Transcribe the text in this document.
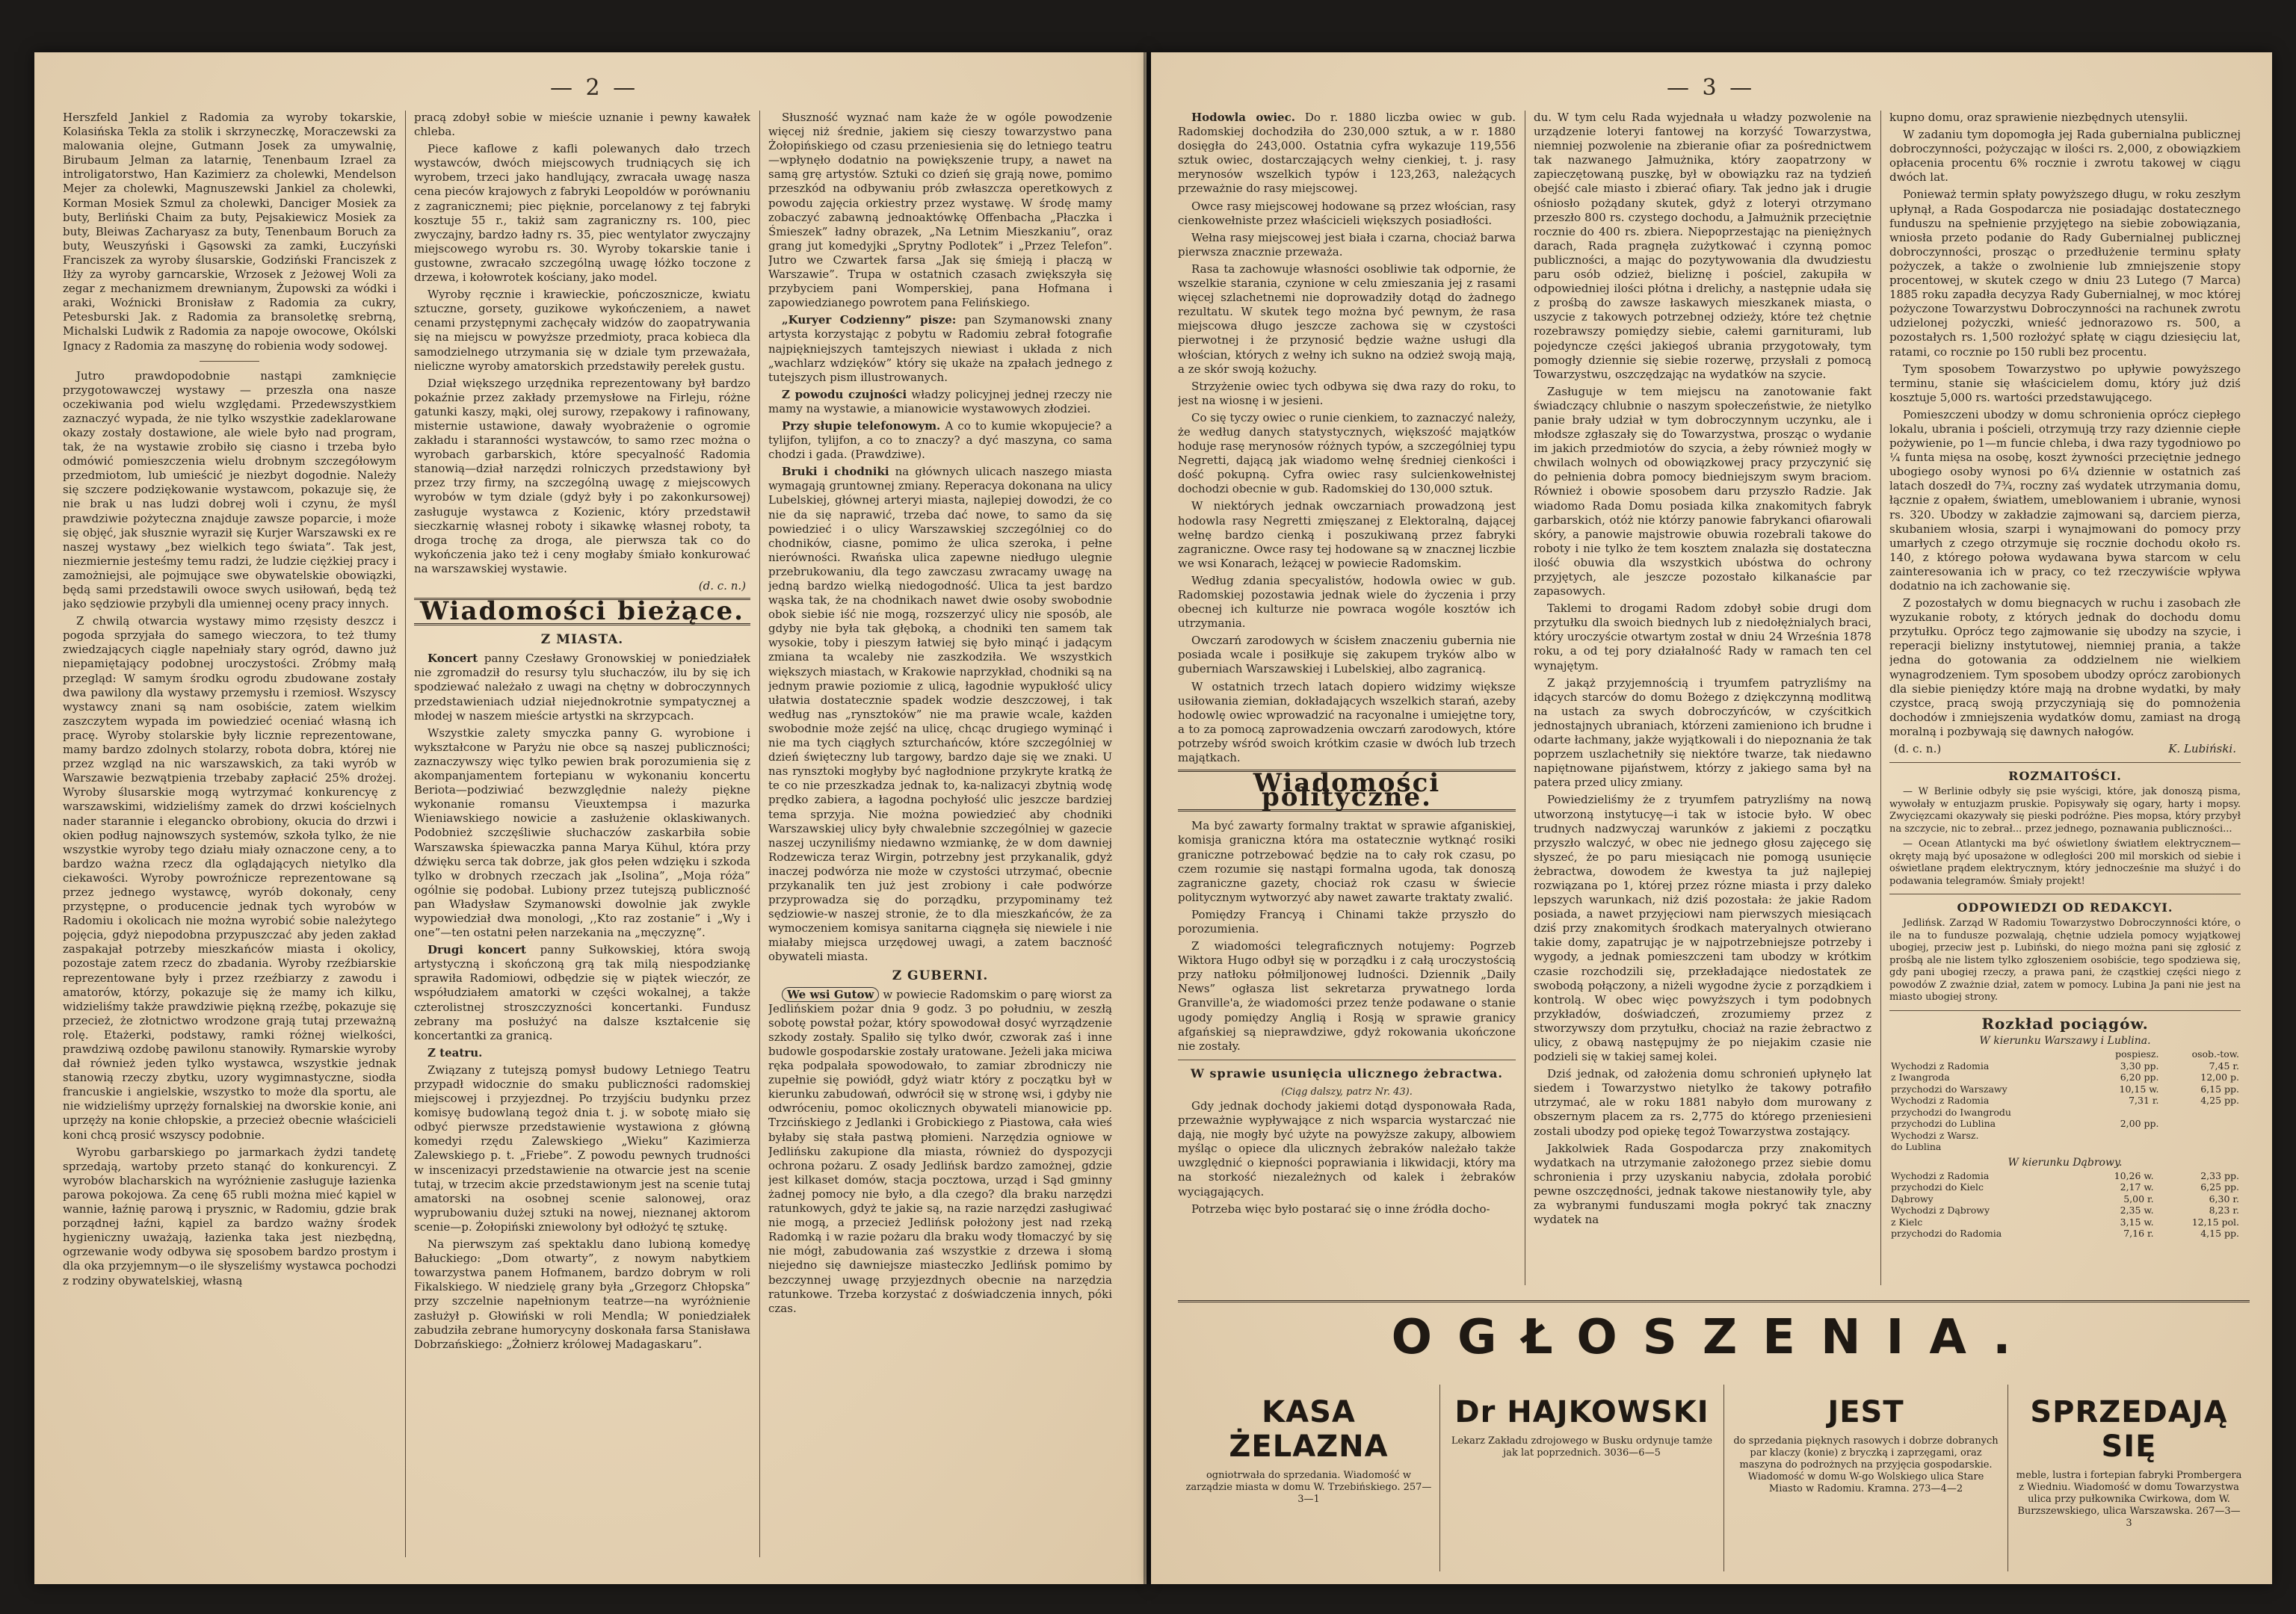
— 2 —

Herszfeld Jankiel z Radomia za wyroby tokarskie, Kolasińska Tekla za stolik i skrzyneczkę, Moraczewski za malowania olejne, Gutmann Josek za umywalnię, Birubaum Jelman za latarnię, Tenenbaum Izrael za introligatorstwo, Han Kazimierz za cholewki, Mendelson Mejer za cholewki, Magnuszewski Jankiel za cholewki, Korman Mosiek Szmul za cholewki, Danciger Mosiek za buty, Berliński Chaim za buty, Pejsakiewicz Mosiek za buty, Bleiwas Zacharyasz za buty, Tenenbaum Boruch za buty, Weuszyński i Gąsowski za zamki, Łuczyński Franciszek za wyroby ślusarskie, Godziński Franciszek z Iłży za wyroby garncarskie, Wrzosek z Jeżowej Woli za zegar z mechanizmem drewnianym, Żupowski za wódki i araki, Woźnicki Bronisław z Radomia za cukry, Petesburski Jak. z Radomia za bransoletkę srebrną, Michalski Ludwik z Radomia za napoje owocowe, Okólski Ignacy z Radomia za maszynę do robienia wody sodowej.

Jutro prawdopodobnie nastąpi zamknięcie przygotowawczej wystawy — przeszła ona nasze oczekiwania pod wielu względami. Przedewszystkiem zaznaczyć wypada, że nie tylko wszystkie zadeklarowane okazy zostały dostawione, ale wiele było nad program, tak, że na wystawie zrobiło się ciasno i trzeba było odmówić pomieszczenia wielu drobnym szczegółowym przedmiotom, lub umieścić je niezbyt dogodnie. Należy się szczere podziękowanie wystawcom, pokazuje się, że nie brak u nas ludzi dobrej woli i czynu, że myśl prawdziwie pożyteczna znajduje zawsze poparcie, i może się objęć, jak słusznie wyraził się Kurjer Warszawski ex re naszej wystawy „bez wielkich tego świata”. Tak jest, niezmiernie jesteśmy temu radzi, że ludzie ciężkiej pracy i zamożniejsi, ale pojmujące swe obywatelskie obowiązki, będą sami przedstawili owoce swych usiłowań, będą też jako sędziowie przybyli dla umiennej oceny pracy innych.

Z chwilą otwarcia wystawy mimo rzęsisty deszcz i pogoda sprzyjała do samego wieczora, to też tłumy zwiedzających ciągle napełniały stary ogród, dawno już niepamiętający podobnej uroczystości. Zróbmy małą przegląd: W samym środku ogrodu zbudowane zostały dwa pawilony dla wystawy przemysłu i rzemiosł. Wszyscy wystawcy znani są nam osobiście, zatem wielkim zaszczytem wypada im powiedzieć oceniać własną ich pracę. Wyroby stolarskie były licznie reprezentowane, mamy bardzo zdolnych stolarzy, robota dobra, której nie przez wzgląd na nic warszawskich, za taki wyrób w Warszawie bezwątpienia trzebaby zapłacić 25% drożej. Wyroby ślusarskie mogą wytrzymać konkurencyę z warszawskimi, widzieliśmy zamek do drzwi kościelnych nader starannie i elegancko obrobiony, okucia do drzwi i okien podług najnowszych systemów, szkoła tylko, że nie wszystkie wyroby tego działu miały oznaczone ceny, a to bardzo ważna rzecz dla oglądających nietylko dla ciekawości. Wyroby powroźnicze reprezentowane są przez jednego wystawcę, wyrób dokonały, ceny przystępne, o producencie jednak tych wyrobów w Radomiu i okolicach nie można wyrobić sobie należytego pojęcia, gdyż niepodobna przypuszczać aby jeden zakład zaspakajał potrzeby mieszkańców miasta i okolicy, pozostaje zatem rzecz do zbadania. Wyroby rzeźbiarskie reprezentowane były i przez rzeźbiarzy z zawodu i amatorów, którzy, pokazuje się że mamy ich kilku, widzieliśmy także prawdziwie piękną rzeźbę, pokazuje się przecież, że złotnictwo wrodzone grają tutaj przeważną rolę. Etażerki, podstawy, ramki różnej wielkości, prawdziwą ozdobę pawilonu stanowiły. Rymarskie wyroby dał również jeden tylko wystawca, wszystkie jednak stanowią rzeczy zbytku, uzory wygimnastyczne, siodła francuskie i angielskie, wszystko to może dla sportu, ale nie widzieliśmy uprzęży fornalskiej na dworskie konie, ani uprzęży na konie chłopskie, a przecież obecnie właścicieli koni chcą prosić wszyscy podobnie.

Wyrobu garbarskiego po jarmarkach żydzi tandetę sprzedają, wartoby przeto stanąć do konkurencyi. Z wyrobów blacharskich na wyróżnienie zasługuje łazienka parowa pokojowa. Za cenę 65 rubli można mieć kąpiel w wannie, łaźnię parową i prysznic, w Radomiu, gdzie brak porządnej łaźni, kąpiel za bardzo ważny środek hygieniczny uważają, łazienka taka jest niezbędną, ogrzewanie wody odbywa się sposobem bardzo prostym i dla oka przyjemnym—o ile słyszeliśmy wystawca pochodzi z rodziny obywatelskiej, własną

pracą zdobył sobie w mieście uznanie i pewny kawałek chleba.

Piece kaflowe z kafli polewanych dało trzech wystawców, dwóch miejscowych trudniących się ich wyrobem, trzeci jako handlujący, zwracała uwagę nasza cena pieców krajowych z fabryki Leopoldów w porównaniu z zagranicznemi; piec pięknie, porcelanowy z tej fabryki kosztuje 55 r., takiż sam zagraniczny rs. 100, piec zwyczajny, bardzo ładny rs. 35, piec wentylator zwyczajny miejscowego wyrobu rs. 30. Wyroby tokarskie tanie i gustowne, zwracało szczególną uwagę łóżko toczone z drzewa, i kołowrotek kościany, jako model.

Wyroby ręcznie i krawieckie, pończosznicze, kwiatu sztuczne, gorsety, guzikowe wykończeniem, a nawet cenami przystępnymi zachęcały widzów do zaopatrywania się na miejscu w powyższe przedmioty, praca kobieca dla samodzielnego utrzymania się w dziale tym przeważała, nieliczne wyroby amatorskich przedstawiły perełek gustu.

Dział większego urzędnika reprezentowany był bardzo pokaźnie przez zakłady przemysłowe na Firleju, różne gatunki kaszy, mąki, olej surowy, rzepakowy i rafinowany, misternie ustawione, dawały wyobrażenie o ogromie zakładu i staranności wystawców, to samo rzec można o wyrobach garbarskich, które specyalność Radomia stanowią—dział narzędzi rolniczych przedstawiony był przez trzy firmy, na szczególną uwagę z miejscowych wyrobów w tym dziale (gdyż były i po zakonkursowej) zasługuje wystawca z Kozienic, który przedstawił sieczkarnię własnej roboty i sikawkę własnej roboty, ta droga trochę za droga, ale pierwsza tak co do wykończenia jako też i ceny mogłaby śmiało konkurować na warszawskiej wystawie.

(d. c. n.)
Wiadomości bieżące.
Z MIASTA.

Koncert panny Czesławy Gronowskiej w poniedziałek nie zgromadził do resursy tylu słuchaczów, ilu by się ich spodziewać należało z uwagi na chętny w dobroczynnych przedstawieniach udział niejednokrotnie sympatycznej a młodej w naszem mieście artystki na skrzypcach.

Wszystkie zalety smyczka panny G. wyrobione i wykształcone w Paryżu nie obce są naszej publiczności; zaznaczywszy więc tylko pewien brak porozumienia się z akompanjamentem fortepianu w wykonaniu koncertu Beriota—podziwiać bezwzględnie należy piękne wykonanie romansu Vieuxtempsa i mazurka Wieniawskiego nowicie a zasłużenie oklaskiwanych. Podobnież szczęśliwie słuchaczów zaskarbiła sobie Warszawska śpiewaczka panna Marya Kühul, która przy dźwięku serca tak dobrze, jak głos pełen wdzięku i szkoda tylko w drobnych rzeczach jak „Isolina”, „Moja róża” ogólnie się podobał. Lubiony przez tutejszą publiczność pan Władysław Szymanowski dowolnie jak zwykle wypowiedział dwa monologi, ,,Kto raz zostanie” i „Wy i one”—ten ostatni pełen narzekania na „męczyznę”.

Drugi koncert panny Sułkowskiej, która swoją artystyczną i skończoną grą tak milą niespodziankę sprawiła Radomiowi, odbędzie się w piątek wieczór, ze współudziałem amatorki w części wokalnej, a także czterolistnej stroszczyzności koncertanki. Fundusz zebrany ma posłużyć na dalsze kształcenie się koncertantki za granicą.

Z teatru.

Związany z tutejszą pomysł budowy Letniego Teatru przypadł widocznie do smaku publiczności radomskiej miejscowej i przyjezdnej. Po trzyjściu budynku przez komisyę budowlaną tegoż dnia t. j. w sobotę miało się odbyć pierwsze przedstawienie wystawiona z główną komedyi rzędu Zalewskiego „Wieku” Kazimierza Zalewskiego p. t. „Friebe”. Z powodu pewnych trudności w inscenizacyi przedstawienie na otwarcie jest na scenie tutaj, w trzecim akcie przedstawionym jest na scenie tutaj amatorski na osobnej scenie salonowej, oraz wyprubowaniu dużej sztuki na nowej, nieznanej aktorom scenie—p. Żołopiński zniewolony był odłożyć tę sztukę.

Na pierwszym zaś spektaklu dano lubioną komedyę Bałuckiego: „Dom otwarty”, z nowym nabytkiem towarzystwa panem Hofmanem, bardzo dobrym w roli Fikalskiego. W niedzielę grany była „Grzegorz Chłopska” przy szczelnie napełnionym teatrze—na wyróżnienie zasłużył p. Głowiński w roli Mendla; W poniedziałek zabudziła zebrane humorycyny doskonała farsa Stanisława Dobrzańskiego: „Żołnierz królowej Madagaskaru”.

Słuszność wyznać nam każe że w ogóle powodzenie więcej niż średnie, jakiem się cieszy towarzystwo pana Żołopińskiego od czasu przeniesienia się do letniego teatru—wpłynęło dodatnio na powiększenie trupy, a nawet na samą grę artystów. Sztuki co dzień się grają nowe, pomimo przeszkód na odbywaniu prób zwłaszcza operetkowych z powodu zajęcia orkiestry przez wystawę. W środę mamy zobaczyć zabawną jednoaktówkę Offenbacha „Płaczka i Śmieszek” ładny obrazek, „Na Letnim Mieszkaniu”, oraz grang jut komedyjki „Sprytny Podlotek” i „Przez Telefon”. Jutro we Czwartek farsa „Jak się śmieją i płaczą w Warszawie”. Trupa w ostatnich czasach zwiększyła się przybyciem pani Womperskiej, pana Hofmana i zapowiedzianego powrotem pana Felińskiego.

„Kuryer Codzienny” pisze: pan Szymanowski znany artysta korzystając z pobytu w Radomiu zebrał fotografie najpiękniejszych tamtejszych niewiast i układa z nich „wachlarz wdzięków” który się ukaże na zpałach jednego z tutejszych pism illustrowanych.

Z powodu czujności władzy policyjnej jednej rzeczy nie mamy na wystawie, a mianowicie wystawowych złodziei.

Przy słupie telefonowym. A co to kumie wkopujecie? a tylijfon, tylijfon, a co to znaczy? a dyć maszyna, co sama chodzi i gada. (Prawdziwe).

Bruki i chodniki na głównych ulicach naszego miasta wymagają gruntownej zmiany. Reperacya dokonana na ulicy Lubelskiej, głównej arteryi miasta, najlepiej dowodzi, że co nie da się naprawić, trzeba dać nowe, to samo da się powiedzieć i o ulicy Warszawskiej szczególniej co do chodników, ciasne, pomimo że ulica szeroka, i pełne nierówności. Rwańska ulica zapewne niedługo ulegnie przebrukowaniu, dla tego zawczasu zwracamy uwagę na jedną bardzo wielką niedogodność. Ulica ta jest bardzo wąska tak, że na chodnikach nawet dwie osoby swobodnie obok siebie iść nie mogą, rozszerzyć ulicy nie sposób, ale gdyby nie była tak głęboką, a chodniki ten samem tak wysokie, toby i pieszym łatwiej się było minąć i jadącym zmiana ta wcaleby nie zaszkodziła. We wszystkich większych miastach, w Krakowie naprzykład, chodniki są na jednym prawie poziomie z ulicą, łagodnie wypukłość ulicy ułatwia dostatecznie spadek wodzie deszczowej, i tak według nas „rynsztoków” nie ma prawie wcale, każden swobodnie może zejść na ulicę, chcąc drugiego wyminąć i nie ma tych ciągłych szturchańców, które szczególniej w dzień święteczny lub targowy, bardzo daje się we znaki. U nas rynsztoki mogłyby być nagłodnione przykryte kratką że te co nie przeszkadza jednak to, ka-nalizacyi zbytnią wodę prędko zabiera, a łagodna pochyłość ulic jeszcze bardziej tema sprzyja. Nie można powiedzieć aby chodniki Warszawskiej ulicy były chwalebnie szczególniej w gazecie naszej uczyniliśmy niedawno wzmiankę, że w dom dawniej Rodzewicza teraz Wirgin, potrzebny jest przykanalik, gdyż inaczej podwórza nie może w czystości utrzymać, obecnie przykanalik ten już jest zrobiony i całe podwórze przyprowadza się do porządku, przypominamy też sędziowie-w naszej stronie, że to dla mieszkańców, że za wymoczeniem komisya sanitarna ciągnęła się niewiele i nie miałaby miejsca urzędowej uwagi, a zatem baczność obywateli miasta.

Z GUBERNI.

We wsi Gutow w powiecie Radomskim o parę wiorst za Jedlińskiem pożar dnia 9 godz. 3 po południu, w zeszłą sobotę powstał pożar, który spowodował dosyć wyrządzenie szkody zostały. Spaliło się tylko dwór, czworak zaś i inne budowle gospodarskie zostały uratowane. Jeżeli jaka miciwa ręka podpalała spowodowało, to zamiar zbrodniczy nie zupełnie się powiódł, gdyż wiatr który z początku był w kierunku zabudowań, odwrócił się w stronę wsi, i gdyby nie odwróceniu, pomoc okolicznych obywateli mianowicie pp. Trzcińskiego z Jedlanki i Grobickiego z Piastowa, cała wieś byłaby się stała pastwą płomieni. Narzędzia ogniowe w Jedlińsku zakupione dla miasta, również do dyspozycji ochrona pożaru. Z osady Jedlińsk bardzo zamożnej, gdzie jest kilkaset domów, stacja pocztowa, urząd i Sąd gminny żadnej pomocy nie było, a dla czego? dla braku narzędzi ratunkowych, gdyż te jakie są, na razie narzędzi zasługiwać nie mogą, a przecież Jedlińsk położony jest nad rzeką Radomką i w razie pożaru dla braku wody tłomaczyć by się nie mógł, zabudowania zaś wszystkie z drzewa i słomą niejedno się dawniejsze miasteczko Jedlińsk pomimo by bezczynnej uwagę przyjezdnych obecnie na narzędzia ratunkowe. Trzeba korzystać z doświadczenia innych, póki czas.

— 3 —

Hodowla owiec. Do r. 1880 liczba owiec w gub. Radomskiej dochodziła do 230,000 sztuk, a w r. 1880 dosięgła do 243,000. Ostatnia cyfra wykazuje 119,556 sztuk owiec, dostarczających wełny cienkiej, t. j. rasy merynosów wszelkich typów i 123,263, należących przeważnie do rasy miejscowej.

Owce rasy miejscowej hodowane są przez włościan, rasy cienkowełniste przez właścicieli większych posiadłości.

Wełna rasy miejscowej jest biała i czarna, chociaż barwa pierwsza znacznie przeważa.

Rasa ta zachowuje własności osobliwie tak odpornie, że wszelkie starania, czynione w celu zmieszania jej z rasami więcej szlachetnemi nie doprowadziły dotąd do żadnego rezultatu. W skutek tego można być pewnym, że rasa miejscowa długo jeszcze zachowa się w czystości pierwotnej i że przynosić będzie ważne usługi dla włościan, których z wełny ich sukno na odzież swoją mają, a ze skór swoją kożuchy.

Strzyżenie owiec tych odbywa się dwa razy do roku, to jest na wiosnę i w jesieni.

Co się tyczy owiec o runie cienkiem, to zaznaczyć należy, że według danych statystycznych, większość majątków hoduje rasę merynosów różnych typów, a szczególniej typu Negretti, dającą jak wiadomo wełnę średniej cienkości i dość pokupną. Cyfra owiec rasy sulcienkowełnistej dochodzi obecnie w gub. Radomskiej do 130,000 sztuk.

W niektórych jednak owczarniach prowadzoną jest hodowla rasy Negretti zmięszanej z Elektoralną, dającej wełnę bardzo cienką i poszukiwaną przez fabryki zagraniczne. Owce rasy tej hodowane są w znacznej liczbie we wsi Konarach, leżącej w powiecie Radomskim.

Według zdania specyalistów, hodowla owiec w gub. Radomskiej pozostawia jednak wiele do życzenia i przy obecnej ich kulturze nie powraca wogóle kosztów ich utrzymania.

Owczarń zarodowych w ścisłem znaczeniu gubernia nie posiada wcale i posiłkuje się zakupem tryków albo w guberniach Warszawskiej i Lubelskiej, albo zagranicą.

W ostatnich trzech latach dopiero widzimy większe usiłowania ziemian, dokładających wszelkich starań, azeby hodowlę owiec wprowadzić na racyonalne i umiejętne tory, a to za pomocą zaprowadzenia owczarń zarodowych, które potrzeby wśród swoich krótkim czasie w dwóch lub trzech majątkach.

Wiadomości polityczne.

Ma być zawarty formalny traktat w sprawie afganiskiej, komisja graniczna która ma ostatecznie wytknąć rosiki graniczne potrzebować będzie na to cały rok czasu, po czem rozumie się nastąpi formalna ugoda, tak donoszą zagraniczne gazety, chociaż rok czasu w świecie politycznym wytworzyć aby nawet zawarte traktaty zwalić.

Pomiędzy Francyą i Chinami także przyszło do porozumienia.

Z wiadomości telegraficznych notujemy: Pogrzeb Wiktora Hugo odbył się w porządku i z całą uroczystością przy natłoku półmiljonowej ludności. Dziennik „Daily News” ogłasza list sekretarza prywatnego lorda Granville'a, że wiadomości przez tenże podawane o stanie ugody pomiędzy Anglią i Rosją w sprawie granicy afgańskiej są nieprawdziwe, gdyż rokowania ukończone nie zostały.

W sprawie usunięcia ulicznego żebractwa.
(Ciąg dalszy, patrz Nr. 43).

Gdy jednak dochody jakiemi dotąd dysponowała Rada, przeważnie wypływające z nich wsparcia wystarczać nie dają, nie mogły być użyte na powyższe zakupy, albowiem myśląc o opiece dla ulicznych żebraków należało także uwzględnić o kiepności poprawiania i likwidacji, który ma na storkość niezależnych od kalek i żebraków wyciągających.

Potrzeba więc było postarać się o inne źródła docho-

du. W tym celu Rada wyjednała u władzy pozwolenie na urządzenie loteryi fantowej na korzyść Towarzystwa, niemniej pozwolenie na zbieranie ofiar za pośrednictwem tak nazwanego Jałmużnika, który zaopatrzony w zapieczętowaną puszkę, był w obowiązku raz na tydzień obejść cale miasto i zbierać ofiary. Tak jedno jak i drugie ośniosło pożądany skutek, gdyż z loteryi otrzymano przeszło 800 rs. czystego dochodu, a Jałmużnik przeciętnie rocznie do 400 rs. zbiera. Niepoprzestając na pieniężnych darach, Rada pragnęła zużytkować i czynną pomoc publiczności, a mając do pozytywowania dla dwudziestu paru osób odzież, bieliznę i pościel, zakupiła w odpowiedniej ilości płótna i drelichy, a następnie udała się z prośbą do zawsze łaskawych mieszkanek miasta, o uszycie z takowych potrzebnej odzieży, które też chętnie rozebrawszy pomiędzy siebie, całemi garniturami, lub pojedyncze części jakiegoś ubrania przygotowały, tym pomogły dziennie się siebie rozerwę, przysłali z pomocą Towarzystwu, oszczędzając na wydatków na szycie.

Zasługuje w tem miejscu na zanotowanie fakt świadczący chlubnie o naszym społeczeństwie, że nietylko panie brały udział w tym dobroczynnym uczynku, ale i młodsze zgłaszały się do Towarzystwa, prosząc o wydanie im jakich przedmiotów do szycia, a żeby również mogły w chwilach wolnych od obowiązkowej pracy przyczynić się do pełnienia dobra pomocy biedniejszym swym braciom. Również i obowie sposobem daru przyszło Radzie. Jak wiadomo Rada Domu posiada kilka znakomitych fabryk garbarskich, otóż nie którzy panowie fabrykanci ofiarowali skóry, a panowie majstrowie obuwia rozebrali takowe do roboty i nie tylko że tem kosztem znalazła się dostateczna ilość obuwia dla wszystkich ubóstwa do ochrony przyjętych, ale jeszcze pozostało kilkanaście par zapasowych.

Taklemi to drogami Radom zdobył sobie drugi dom przytułku dla swoich biednych lub z niedołężnialych braci, który uroczyście otwartym został w dniu 24 Września 1878 roku, a od tej pory działalność Rady w ramach ten cel wynajętym.

Z jakąż przyjemnością i tryumfem patryzliśmy na idących starców do domu Bożego z dziękczynną modlitwą na ustach za swych dobroczyńców, w czyścitkich jednostajnych ubraniach, którzeni zamieniono ich brudne i odarte łachmany, jakże wyjątkowali i do niepoznania że tak poprzem uszlachetniły się niektóre twarze, tak niedawno napiętnowane pijaństwem, którzy z jakiego sama był na patera przed ulicy zmiany.

Powiedzieliśmy że z tryumfem patryzliśmy na nową utworzoną instytucyę—i tak w istocie było. W obec trudnych nadzwyczaj warunków z jakiemi z początku przyszło walczyć, w obec nie jednego głosu zajęcego się słyszeć, że po paru miesiącach nie pomogą usunięcie żebractwa, dowodem że kwestya ta już najlepiej rozwiązana po 1, której przez rózne miasta i przy daleko lepszych warunkach, niż dziś pozostała: że jakie Radom posiada, a nawet przyjęciowi nam pierwszych miesiącach dziś przy znakomitych środkach materyalnych otwierano takie domy, zapatrując je w najpotrzebniejsze potrzeby i wygody, a jednak pomieszczeni tam ubodzy w krótkim czasie rozchodzili się, przekładające niedostatek ze swobodą połączony, a niżeli wygodne życie z porządkiem i kontrolą. W obec więc powyższych i tym podobnych przykładów, doświadczeń, zrozumiemy przez z stworzywszy dom przytułku, chociaż na razie żebractwo z ulicy, z obawą następujmy że po niejakim czasie nie podzieli się w takiej samej kolei.

Dziś jednak, od założenia domu schronień upłynęło lat siedem i Towarzystwo nietylko że takowy potrafiło utrzymać, ale w roku 1881 nabyło dom murowany z obszernym placem za rs. 2,775 do którego przeniesieni zostali ubodzy pod opiekę tegoż Towarzystwa zostający.

Jakkolwiek Rada Gospodarcza przy znakomitych wydatkach na utrzymanie założonego przez siebie domu schronienia i przy uzyskaniu nabycia, zdołała porobić pewne oszczędności, jednak takowe niestanowiły tyle, aby za wybranymi funduszami mogła pokryć tak znaczny wydatek na

kupno domu, oraz sprawienie niezbędnych utensylii.

W zadaniu tym dopomogła jej Rada gubernialna publicznej dobroczynności, pożyczając w ilości rs. 2,000, z obowiązkiem opłacenia procentu 6% rocznie i zwrotu takowej w ciągu dwóch lat.

Ponieważ termin spłaty powyższego długu, w roku zeszłym upłynął, a Rada Gospodarcza nie posiadając dostatecznego funduszu na spełnienie przyjętego na siebie zobowiązania, wniosła przeto podanie do Rady Gubernialnej publicznej dobroczynności, prosząc o przedłużenie terminu spłaty pożyczek, a także o zwolnienie lub zmniejszenie stopy procentowej, w skutek czego w dniu 23 Lutego (7 Marca) 1885 roku zapadła decyzya Rady Gubernialnej, w moc której pożyczone Towarzystwu Dobroczynności na rachunek zwrotu udzielonej pożyczki, wnieść jednorazowo rs. 500, a pozostałych rs. 1,500 rozłożyć spłatę w ciągu dziesięciu lat, ratami, co rocznie po 150 rubli bez procentu.

Tym sposobem Towarzystwo po upływie powyższego terminu, stanie się właścicielem domu, który już dziś kosztuje 5,000 rs. wartości przedstawującego.

Pomieszczeni ubodzy w domu schronienia oprócz ciepłego lokalu, ubrania i pościeli, otrzymują trzy razy dziennie ciepłe pożywienie, po 1—m funcie chleba, i dwa razy tygodniowo po ¼ funta mięsa na osobę, koszt żywności przeciętnie jednego ubogiego osoby wynosi po 6¼ dziennie w ostatnich zaś latach doszedł do 7¾, roczny zaś wydatek utrzymania domu, łącznie z opałem, światłem, umeblowaniem i ubranie, wynosi rs. 320. Ubodzy w zakładzie zajmowani są, darciem pierza, skubaniem włosia, szarpi i wynajmowani do pomocy przy umarłych z czego otrzymuje się rocznie dochodu około rs. 140, z którego połowa wydawana bywa starcom w celu zainteresowania ich w pracy, co też rzeczywiście wpływa dodatnio na ich zachowanie się.

Z pozostałych w domu biegnacych w ruchu i zasobach złe wyzukanie roboty, z których jednak do dochodu domu przytułku. Oprócz tego zajmowanie się ubodzy na szycie, i reperacji bielizny instytutowej, niemniej prania, a także jedna do gotowania za oddzielnem nie wielkiem wynagrodzeniem. Tym sposobem ubodzy oprócz zarobionych dla siebie pieniędzy które mają na drobne wydatki, by mały czystce, pracą swoją przyczyniają się do pomnożenia dochodów i zmniejszenia wydatków domu, zamiast na drogą moralną i pozbywają się dawnych nałogów.

(d. c. n.)	K. Lubiński.
ROZMAITOŚCI.

— W Berlinie odbyły się psie wyścigi, które, jak donoszą pisma, wywołały w entuzjazm pruskie. Popisywały się ogary, harty i mopsy. Zwycięzcami okazywały się pieski podróżne. Pies mopsa, który przybył na szczycie, nic to zebrał... przez jednego, poznawania publiczności...

— Ocean Atlantycki ma być oświetlony światłem elektrycznem—okręty mają być uposażone w odległości 200 mil morskich od siebie i oświetlane prądem elektrycznym, który jednocześnie ma służyć i do podawania telegramów. Śmiały projekt!

ODPOWIEDZI OD REDAKCYI.

Jedlińsk. Zarząd W Radomiu Towarzystwo Dobroczynności które, o ile na to fundusze pozwalają, chętnie udziela pomocy wyjątkowej ubogiej, przeciw jest p. Lubiński, do niego można pani się zgłosić z prośbą ale nie listem tylko zgłoszeniem osobiście, tego spodziewa się, gdy pani ubogiej rzeczy, a prawa pani, że cząstkiej części niego z powodów Z zważnie dział, zatem w pomocy. Lubina Ja pani nie jest na miasto ubogiej strony.

Rozkład pociągów.
W kierunku Warszawy i Lublina.
	pospiesz.	osob.-tow.
Wychodzi z Radomia	3,30 pp.	7,45 r.
z Iwangroda	6,20 pp.	12,00 p.
przychodzi do Warszawy	10,15 w.	6,15 pp.
Wychodzi z Radomia	7,31 r.	4,25 pp.
przychodzi do Iwangrodu		
przychodzi do Lublina	2,00 pp.	
Wychodzi z Warsz.		
do Lublina		
W kierunku Dąbrowy.
Wychodzi z Radomia	10,26 w.	2,33 pp.
przychodzi do Kielc	2,17 w.	6,25 pp.
Dąbrowy	5,00 r.	6,30 r.
Wychodzi z Dąbrowy	2,35 w.	8,23 r.
z Kielc	3,15 w.	12,15 pol.
przychodzi do Radomia	7,16 r.	4,15 pp.
OGŁOSZENIA.
KASA ŻELAZNA
ogniotrwała do sprzedania. Wiadomość w zarządzie miasta w domu W. Trzebińskiego. 257—3—1
Dr HAJKOWSKI
Lekarz Zakładu zdrojowego w Busku ordynuje tamże jak lat poprzednich. 3036—6—5
JEST
do sprzedania pięknych rasowych i dobrze dobranych par klaczy (konie) z bryczką i zaprzęgami, oraz maszyna do podrożnych na przyjęcia gospodarskie. Wiadomość w domu W-go Wolskiego ulica Stare Miasto w Radomiu. Kramna. 273—4—2
SPRZEDAJĄ SIĘ
meble, lustra i fortepian fabryki Prombergera z Wiedniu. Wiadomość w domu Towarzystwa ulica przy pułkownika Cwirkowa, dom W. Burzszewskiego, ulica Warszawska. 267—3—3
